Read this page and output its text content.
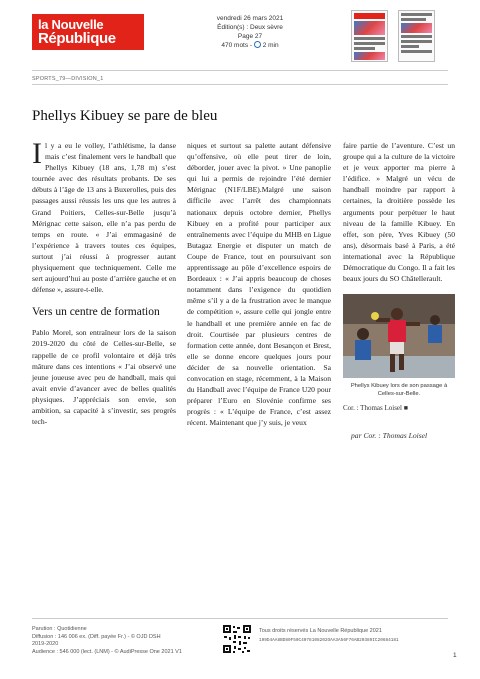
la Nouvelle
République
vendredi 26 mars 2021
Édition(s) : Deux sèvre
Page 27
470 mots - 2 min
SPORTS_79—DIVISION_1
Phellys Kibuey se pare de bleu

Il y a eu le volley, l’athlétisme, la danse mais c’est finalement vers le handball que Phellys Kibuey (18 ans, 1,78 m) s’est tournée avec des résultats probants. De ses débuts à l’âge de 13 ans à Buxerolles, puis des passages aussi réussis les uns que les autres à Grand Poitiers, Celles-sur-Belle jusqu’à Mérignac cette saison, elle n’a pas perdu de temps en route. « J’ai emmagasiné de l’expérience à travers toutes ces équipes, surtout j’ai réussi à progresser autant physiquement que techniquement. Celle me sert aujourd’hui au poste d’arrière gauche et en défense », assure-t-elle.

Vers un centre de formation

Pablo Morel, son entraîneur lors de la saison 2019-2020 du côté de Celles-sur-Belle, se rappelle de ce profil volontaire et déjà très mâture dans ces intentions « J’ai observé une jeune joueuse avec peu de handball, mais qui avait envie d’avancer avec de belles qualités physiques. J’appréciais son envie, son ambition, sa capacité à s’investir, ses progrès tech-

niques et surtout sa palette autant défensive qu’offensive, où elle peut tirer de loin, déborder, jouer avec la pivot. » Une panoplie qui lui a permis de rejoindre l’été dernier Mérignac (N1F/LBE).Malgré une saison difficile avec l’arrêt des championnats nationaux depuis octobre dernier, Phellys Kibuey en a profité pour participer aux entraînements avec l’équipe du MHB en Ligue Butagaz Energie et disputer un match de Coupe de France, tout en poursuivant son apprentissage au pôle d’excellence espoirs de Bordeaux : « J’ai appris beaucoup de choses notamment dans l’exigence du quotidien même s’il y a de la frustration avec le manque de compétition », assure celle qui jongle entre le handball et une première année en fac de droit. Courtisée par plusieurs centres de formation cette année, dont Besançon et Brest, elle se donne encore quelques jours pour décider de sa nouvelle orientation. Sa convocation en stage, récemment, à la Maison du Handball avec l’équipe de France U20 pour préparer l’Euro en Slovénie confirme ses progrès : « L’équipe de France, c’est assez récent. Maintenant que j’y suis, je veux

faire partie de l’aventure. C’est un groupe qui a la culture de la victoire et je veux apporter ma pierre à l’édifice. » Malgré un vécu de handball moindre par rapport à certaines, la droitière possède les arguments pour perpétuer le haut niveau de la famille Kibuey. En effet, son père, Yves Kibuey (50 ans), désormais basé à Paris, a été international avec la République Démocratique du Congo. Il a fait les beaux jours du SO Châtellerault.

Phellys Kibuey lors de son passage à Celles-sur-Belle.
Cor. : Thomas Loisel ■
par Cor. : Thomas Loisel
Parution : Quotidienne
Diffusion : 146 006 ex. (Diff. payée Fr.) - © OJD DSH
2019-2020
Audience : 546 000 (lect. (LNM) - © AudiPresse One 2021 V1
Tous droits réservés La Nouvelle République 2021
199D4AA8BD80F50C4078108202OAA3A56F76AB20389IC20684181
1
